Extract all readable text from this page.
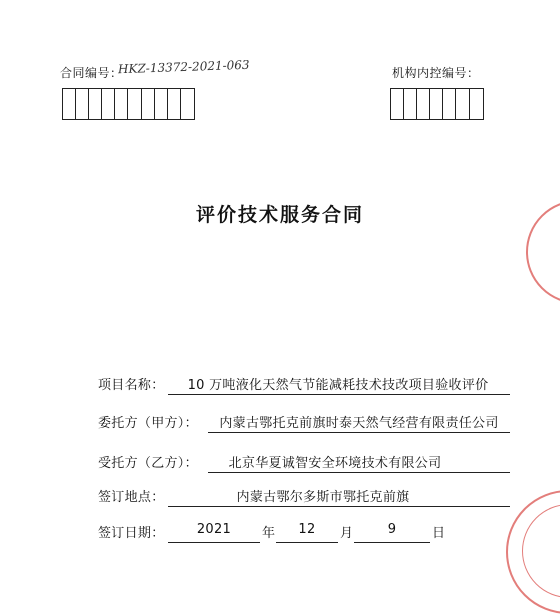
合同编号：
HKZ-13372-2021-063	机构内控编号：
评价技术服务合同
项目名称：	10 万吨液化天然气节能减耗技术技改项目验收评价
委托方（甲方）：	内蒙古鄂托克前旗时泰天然气经营有限责任公司
受托方（乙方）：	北京华夏诚智安全环境技术有限公司
签订地点：	内蒙古鄂尔多斯市鄂托克前旗
签订日期：	2021	年	12	月	9	日
